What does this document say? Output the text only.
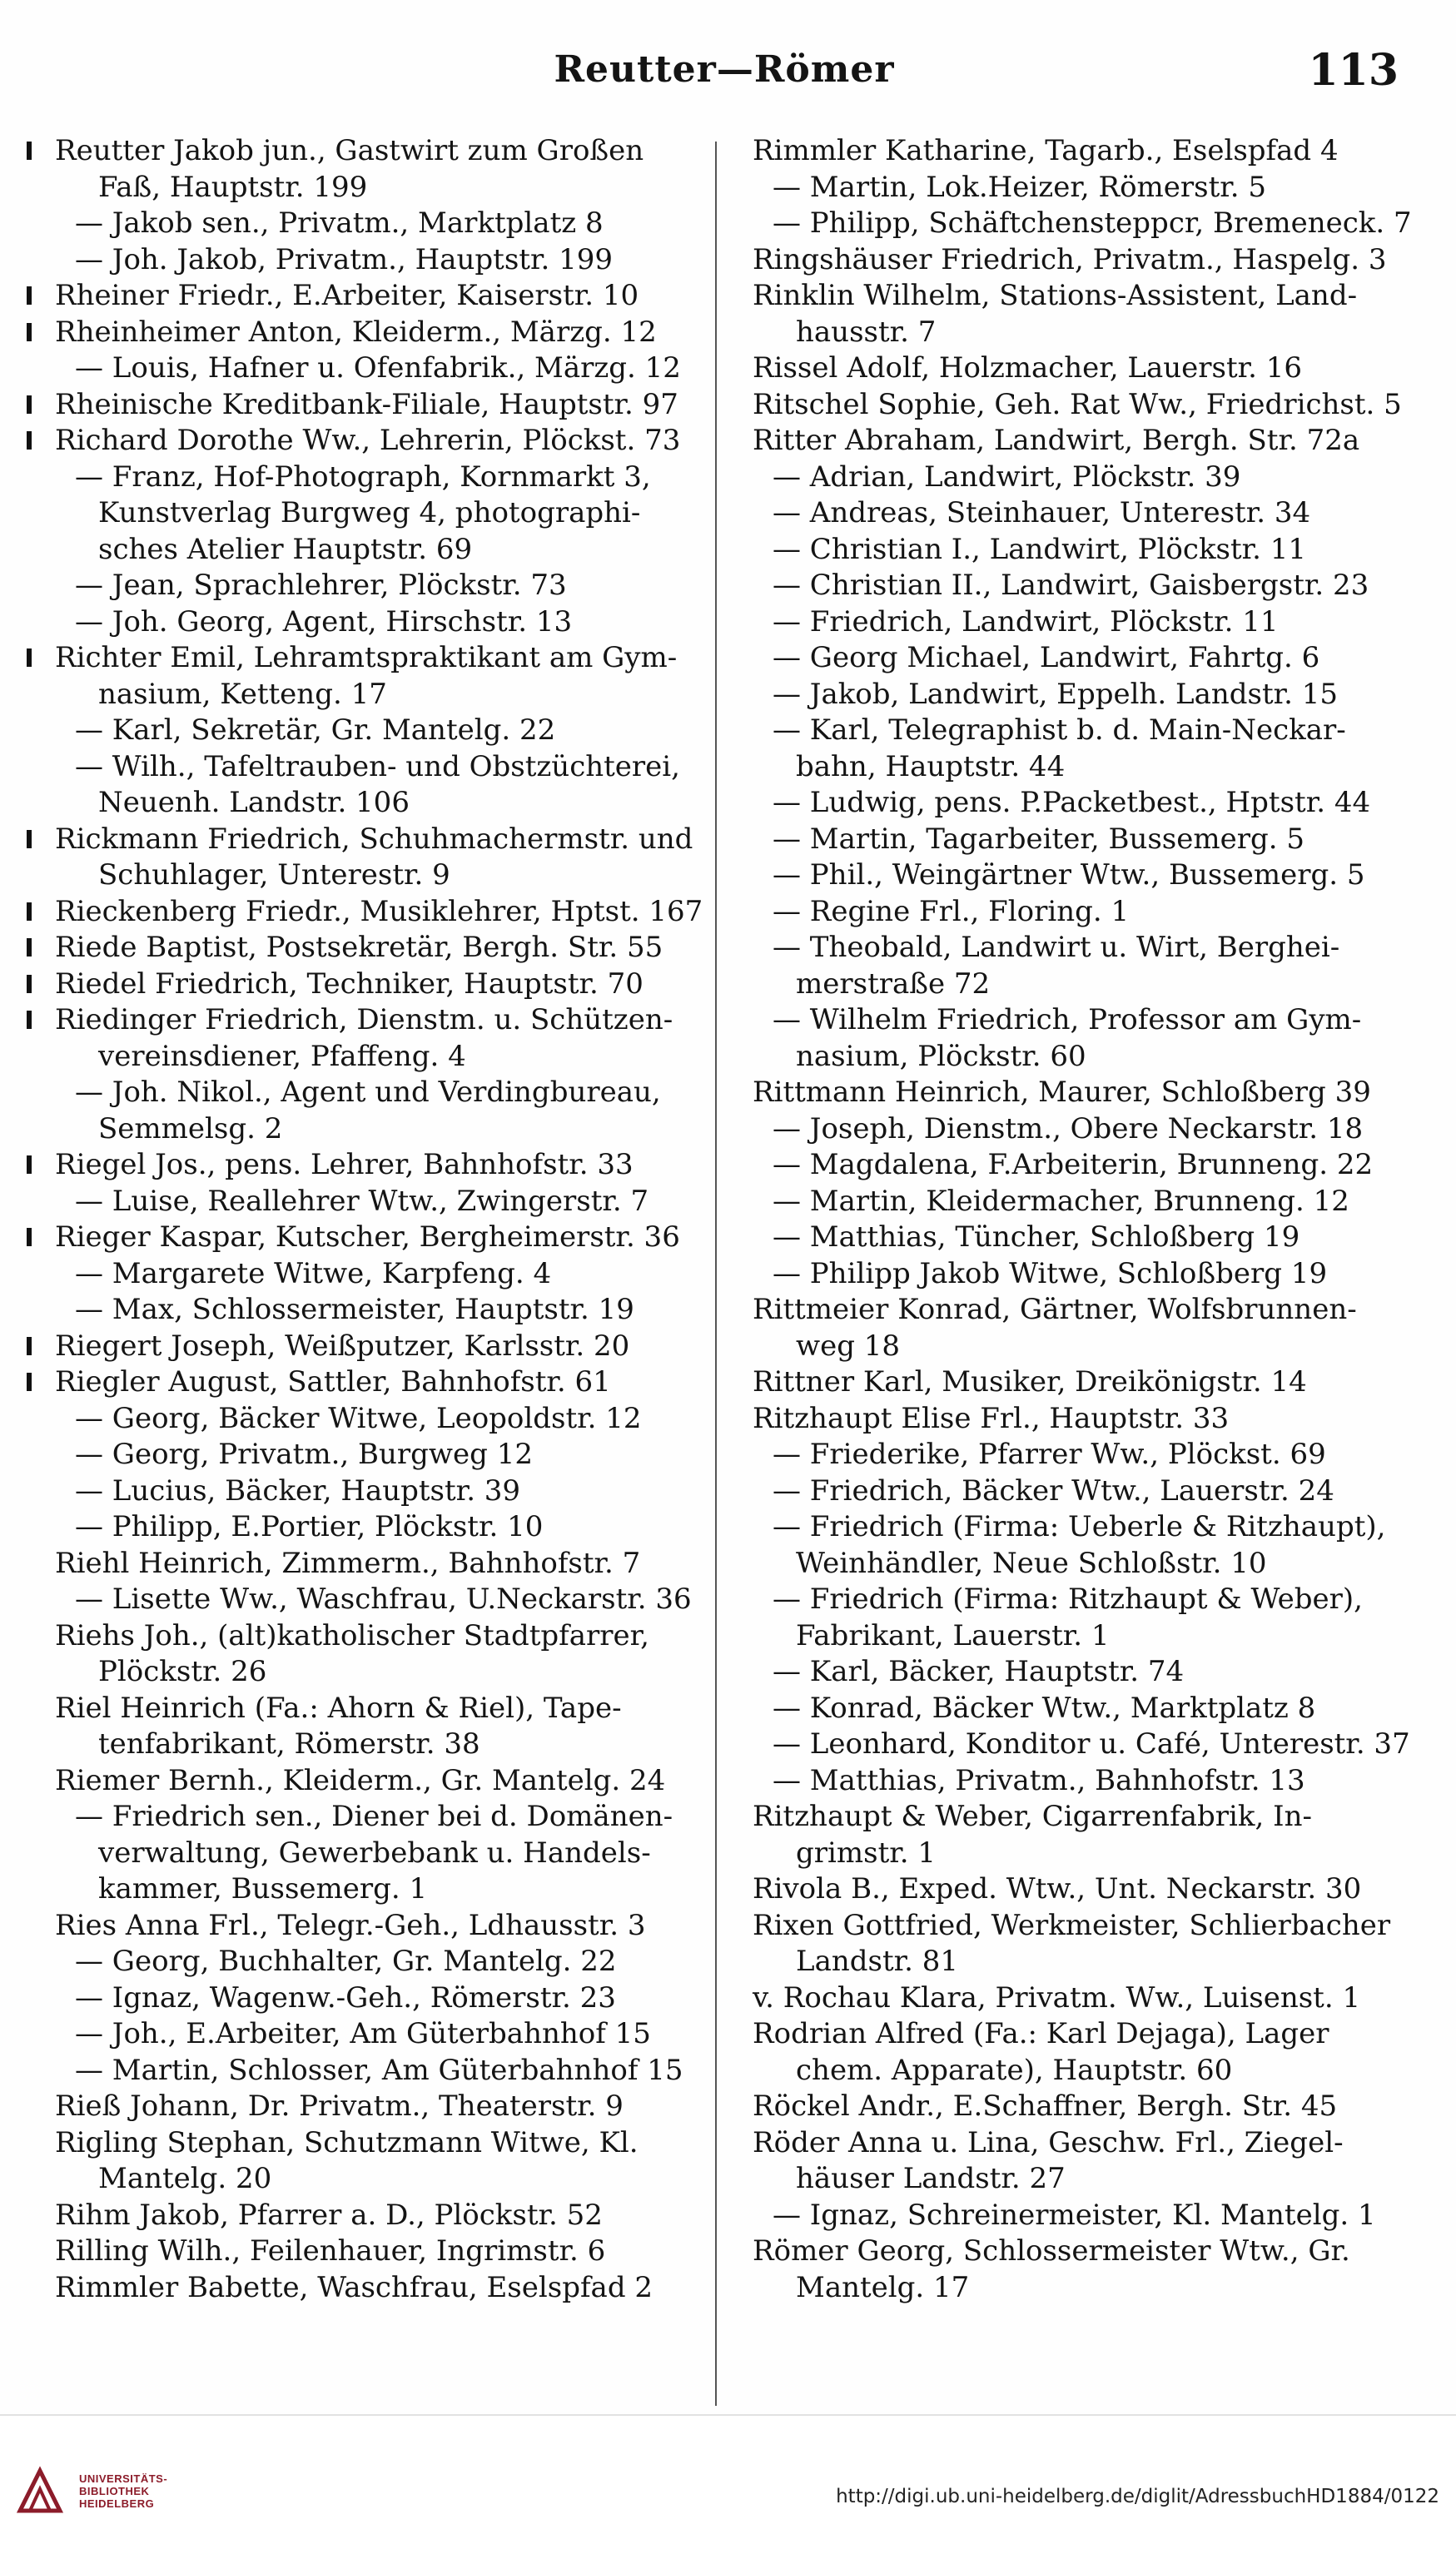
Reutter—Römer	113
Reutter Jakob jun., Gastwirt zum Großen
Faß, Hauptstr. 199
— Jakob sen., Privatm., Marktplatz 8
— Joh. Jakob, Privatm., Hauptstr. 199
Rheiner Friedr., E.Arbeiter, Kaiserstr. 10
Rheinheimer Anton, Kleiderm., Märzg. 12
— Louis, Hafner u. Ofenfabrik., Märzg. 12
Rheinische Kreditbank-Filiale, Hauptstr. 97
Richard Dorothe Ww., Lehrerin, Plöckst. 73
— Franz, Hof-Photograph, Kornmarkt 3,
Kunstverlag Burgweg 4, photographi-
sches Atelier Hauptstr. 69
— Jean, Sprachlehrer, Plöckstr. 73
— Joh. Georg, Agent, Hirschstr. 13
Richter Emil, Lehramtspraktikant am Gym-
nasium, Ketteng. 17
— Karl, Sekretär, Gr. Mantelg. 22
— Wilh., Tafeltrauben- und Obstzüchterei,
Neuenh. Landstr. 106
Rickmann Friedrich, Schuhmachermstr. und
Schuhlager, Unterestr. 9
Rieckenberg Friedr., Musiklehrer, Hptst. 167
Riede Baptist, Postsekretär, Bergh. Str. 55
Riedel Friedrich, Techniker, Hauptstr. 70
Riedinger Friedrich, Dienstm. u. Schützen-
vereinsdiener, Pfaffeng. 4
— Joh. Nikol., Agent und Verdingbureau,
Semmelsg. 2
Riegel Jos., pens. Lehrer, Bahnhofstr. 33
— Luise, Reallehrer Wtw., Zwingerstr. 7
Rieger Kaspar, Kutscher, Bergheimerstr. 36
— Margarete Witwe, Karpfeng. 4
— Max, Schlossermeister, Hauptstr. 19
Riegert Joseph, Weißputzer, Karlsstr. 20
Riegler August, Sattler, Bahnhofstr. 61
— Georg, Bäcker Witwe, Leopoldstr. 12
— Georg, Privatm., Burgweg 12
— Lucius, Bäcker, Hauptstr. 39
— Philipp, E.Portier, Plöckstr. 10
Riehl Heinrich, Zimmerm., Bahnhofstr. 7
— Lisette Ww., Waschfrau, U.Neckarstr. 36
Riehs Joh., (alt)katholischer Stadtpfarrer,
Plöckstr. 26
Riel Heinrich (Fa.: Ahorn & Riel), Tape-
tenfabrikant, Römerstr. 38
Riemer Bernh., Kleiderm., Gr. Mantelg. 24
— Friedrich sen., Diener bei d. Domänen-
verwaltung, Gewerbebank u. Handels-
kammer, Bussemerg. 1
Ries Anna Frl., Telegr.-Geh., Ldhausstr. 3
— Georg, Buchhalter, Gr. Mantelg. 22
— Ignaz, Wagenw.-Geh., Römerstr. 23
— Joh., E.Arbeiter, Am Güterbahnhof 15
— Martin, Schlosser, Am Güterbahnhof 15
Rieß Johann, Dr. Privatm., Theaterstr. 9
Rigling Stephan, Schutzmann Witwe, Kl.
Mantelg. 20
Rihm Jakob, Pfarrer a. D., Plöckstr. 52
Rilling Wilh., Feilenhauer, Ingrimstr. 6
Rimmler Babette, Waschfrau, Eselspfad 2
Rimmler Katharine, Tagarb., Eselspfad 4
— Martin, Lok.Heizer, Römerstr. 5
— Philipp, Schäftchensteppcr, Bremeneck. 7
Ringshäuser Friedrich, Privatm., Haspelg. 3
Rinklin Wilhelm, Stations-Assistent, Land-
hausstr. 7
Rissel Adolf, Holzmacher, Lauerstr. 16
Ritschel Sophie, Geh. Rat Ww., Friedrichst. 5
Ritter Abraham, Landwirt, Bergh. Str. 72a
— Adrian, Landwirt, Plöckstr. 39
— Andreas, Steinhauer, Unterestr. 34
— Christian I., Landwirt, Plöckstr. 11
— Christian II., Landwirt, Gaisbergstr. 23
— Friedrich, Landwirt, Plöckstr. 11
— Georg Michael, Landwirt, Fahrtg. 6
— Jakob, Landwirt, Eppelh. Landstr. 15
— Karl, Telegraphist b. d. Main-Neckar-
bahn, Hauptstr. 44
— Ludwig, pens. P.Packetbest., Hptstr. 44
— Martin, Tagarbeiter, Bussemerg. 5
— Phil., Weingärtner Wtw., Bussemerg. 5
— Regine Frl., Floring. 1
— Theobald, Landwirt u. Wirt, Berghei-
merstraße 72
— Wilhelm Friedrich, Professor am Gym-
nasium, Plöckstr. 60
Rittmann Heinrich, Maurer, Schloßberg 39
— Joseph, Dienstm., Obere Neckarstr. 18
— Magdalena, F.Arbeiterin, Brunneng. 22
— Martin, Kleidermacher, Brunneng. 12
— Matthias, Tüncher, Schloßberg 19
— Philipp Jakob Witwe, Schloßberg 19
Rittmeier Konrad, Gärtner, Wolfsbrunnen-
weg 18
Rittner Karl, Musiker, Dreikönigstr. 14
Ritzhaupt Elise Frl., Hauptstr. 33
— Friederike, Pfarrer Ww., Plöckst. 69
— Friedrich, Bäcker Wtw., Lauerstr. 24
— Friedrich (Firma: Ueberle & Ritzhaupt),
Weinhändler, Neue Schloßstr. 10
— Friedrich (Firma: Ritzhaupt & Weber),
Fabrikant, Lauerstr. 1
— Karl, Bäcker, Hauptstr. 74
— Konrad, Bäcker Wtw., Marktplatz 8
— Leonhard, Konditor u. Café, Unterestr. 37
— Matthias, Privatm., Bahnhofstr. 13
Ritzhaupt & Weber, Cigarrenfabrik, In-
grimstr. 1
Rivola B., Exped. Wtw., Unt. Neckarstr. 30
Rixen Gottfried, Werkmeister, Schlierbacher
Landstr. 81
v. Rochau Klara, Privatm. Ww., Luisenst. 1
Rodrian Alfred (Fa.: Karl Dejaga), Lager
chem. Apparate), Hauptstr. 60
Röckel Andr., E.Schaffner, Bergh. Str. 45
Röder Anna u. Lina, Geschw. Frl., Ziegel-
häuser Landstr. 27
— Ignaz, Schreinermeister, Kl. Mantelg. 1
Römer Georg, Schlossermeister Wtw., Gr.
Mantelg. 17
UNIVERSITÄTS-
BIBLIOTHEK
HEIDELBERG	http://digi.ub.uni-heidelberg.de/diglit/AdressbuchHD1884/0122
